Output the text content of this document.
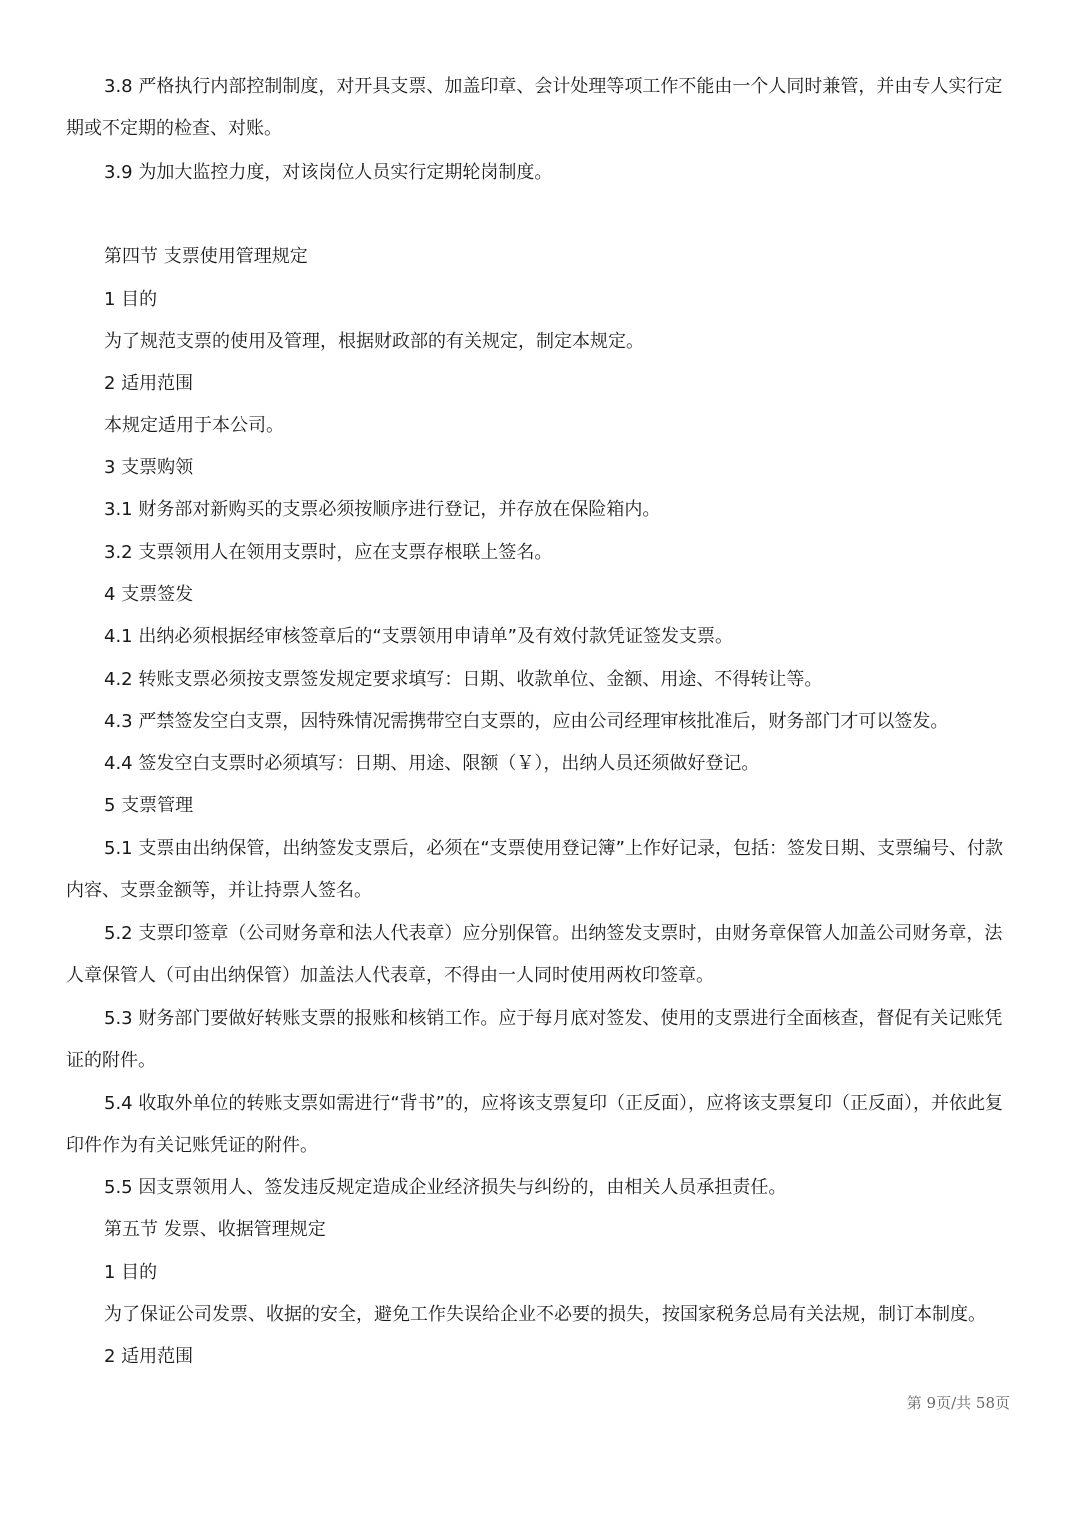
3.8 严格执行内部控制制度，对开具支票、加盖印章、会计处理等项工作不能由一个人同时兼管，并由专人实行定期或不定期的检查、对账。

3.9 为加大监控力度，对该岗位人员实行定期轮岗制度。

第四节 支票使用管理规定

1 目的

为了规范支票的使用及管理，根据财政部的有关规定，制定本规定。

2 适用范围

本规定适用于本公司。

3 支票购领

3.1 财务部对新购买的支票必须按顺序进行登记，并存放在保险箱内。

3.2 支票领用人在领用支票时，应在支票存根联上签名。

4 支票签发

4.1 出纳必须根据经审核签章后的“支票领用申请单”及有效付款凭证签发支票。

4.2 转账支票必须按支票签发规定要求填写：日期、收款单位、金额、用途、不得转让等。

4.3 严禁签发空白支票，因特殊情况需携带空白支票的，应由公司经理审核批准后，财务部门才可以签发。

4.4 签发空白支票时必须填写：日期、用途、限额（￥），出纳人员还须做好登记。

5 支票管理

5.1 支票由出纳保管，出纳签发支票后，必须在“支票使用登记簿”上作好记录，包括：签发日期、支票编号、付款内容、支票金额等，并让持票人签名。

5.2 支票印签章（公司财务章和法人代表章）应分别保管。出纳签发支票时，由财务章保管人加盖公司财务章，法人章保管人（可由出纳保管）加盖法人代表章，不得由一人同时使用两枚印签章。

5.3 财务部门要做好转账支票的报账和核销工作。应于每月底对签发、使用的支票进行全面核查，督促有关记账凭证的附件。

5.4 收取外单位的转账支票如需进行“背书”的，应将该支票复印（正反面），应将该支票复印（正反面），并依此复印件作为有关记账凭证的附件。

5.5 因支票领用人、签发违反规定造成企业经济损失与纠纷的，由相关人员承担责任。

第五节 发票、收据管理规定

1 目的

为了保证公司发票、收据的安全，避免工作失误给企业不必要的损失，按国家税务总局有关法规，制订本制度。

2 适用范围

第 9页/共 58页
